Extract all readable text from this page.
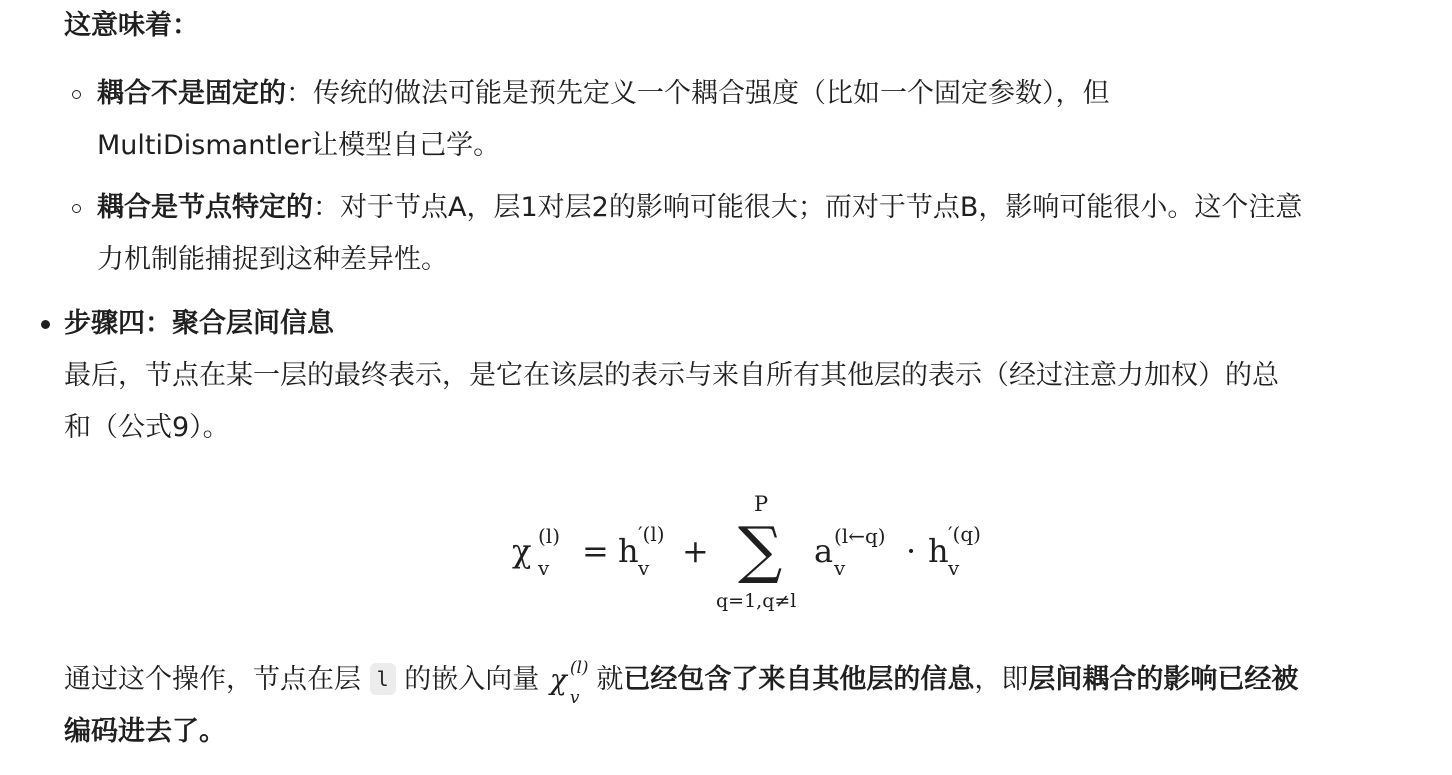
这意味着：
耦合不是固定的：传统的做法可能是预先定义一个耦合强度（比如一个固定参数），但
MultiDismantler让模型自己学。
耦合是节点特定的：对于节点A，层1对层2的影响可能很大；而对于节点B，影响可能很小。这个注意
力机制能捕捉到这种差异性。
步骤四：聚合层间信息
最后，节点在某一层的最终表示，是它在该层的表示与来自所有其他层的表示（经过注意力加权）的总
和（公式9）。
χ v
(l) = h v
′(l) +
P
∑
q=1,q≠l
a v
(l←q) · h v
′(q)
通过这个操作，节点在层 l 的嵌入向量 χ
v
(l) 就已经包含了来自其他层的信息，即层间耦合的影响已经被
编码进去了。
